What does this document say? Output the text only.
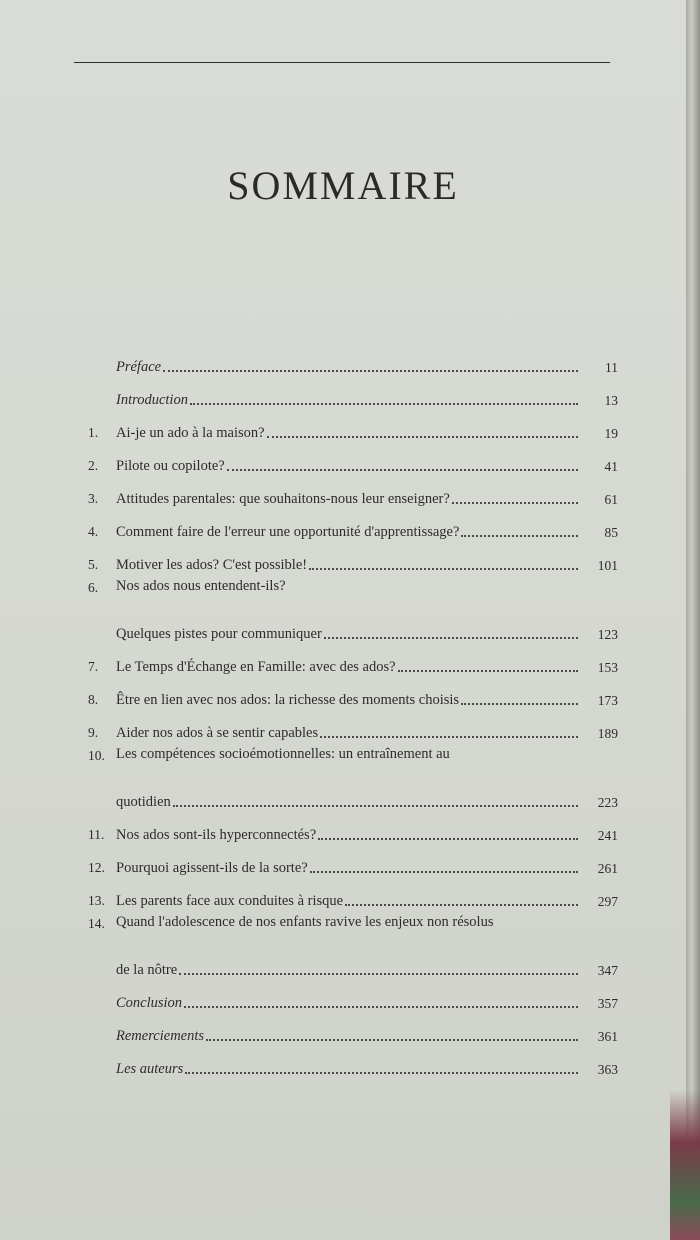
SOMMAIRE
Préface	11
Introduction	13
1.	Ai-je un ado à la maison?	19
2.	Pilote ou copilote?	41
3.	Attitudes parentales: que souhaitons-nous leur enseigner?	61
4.	Comment faire de l'erreur une opportunité d'apprentissage?	85
5.	Motiver les ados? C'est possible!	101
6.	Nos ados nous entendent-ils?
Quelques pistes pour communiquer	123
7.	Le Temps d'Échange en Famille: avec des ados?	153
8.	Être en lien avec nos ados: la richesse des moments choisis	173
9.	Aider nos ados à se sentir capables	189
10. Les compétences socioémotionnelles: un entraînement au
quotidien	223
11. Nos ados sont-ils hyperconnectés?	241
12. Pourquoi agissent-ils de la sorte?	261
13. Les parents face aux conduites à risque	297
14. Quand l'adolescence de nos enfants ravive les enjeux non résolus
de la nôtre	347
Conclusion	357
Remerciements	361
Les auteurs	363
